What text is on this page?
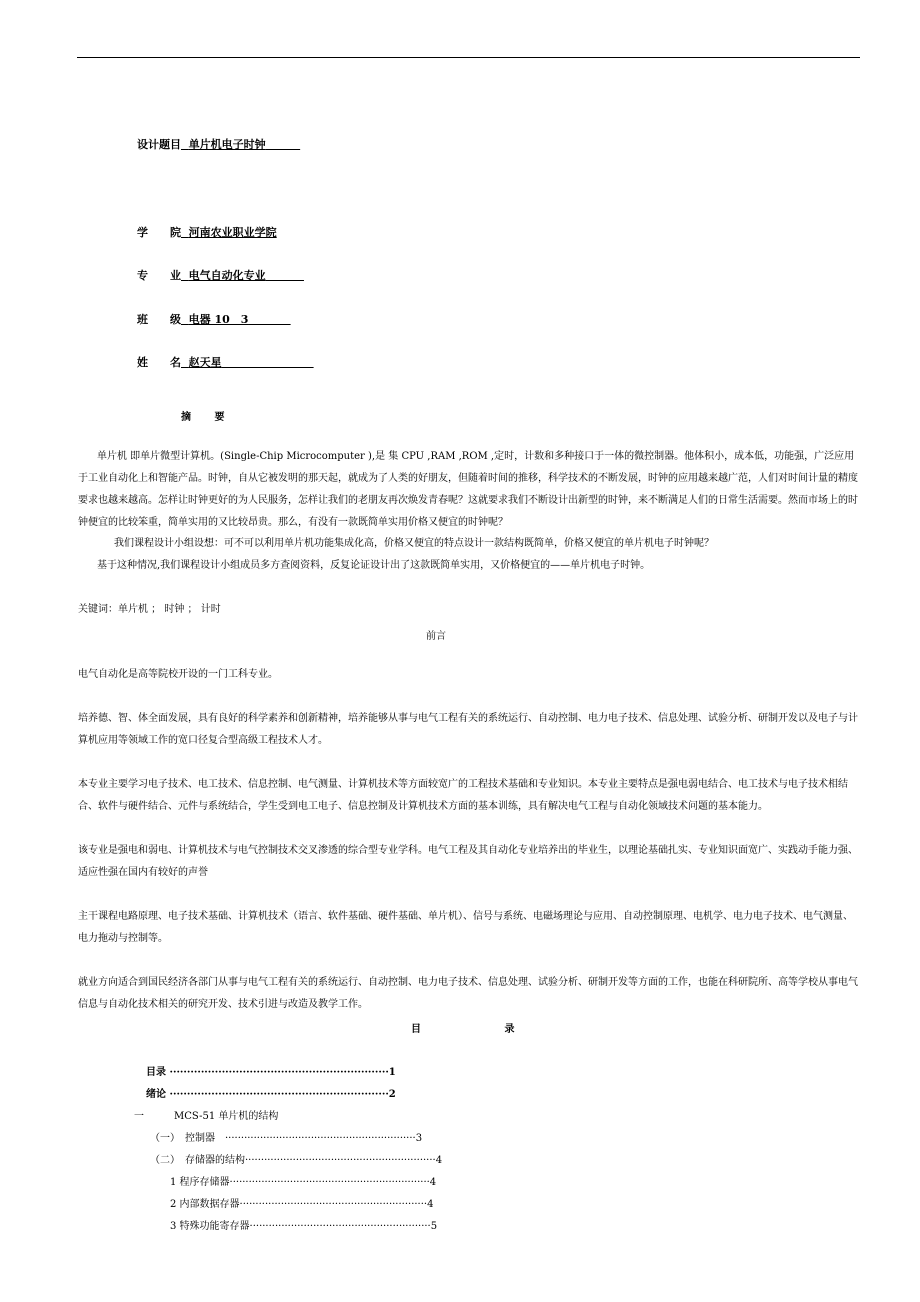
设计题目 单片机电子时钟
学　　院 河南农业职业学院
专　　业 电气自动化专业
班　　级 电器 10　3
姓　　名 赵天星
摘 要
单片机 即单片微型计算机。(Single-Chip Microcomputer ),是 集 CPU ,RAM ,ROM ,定时，计数和多种接口于一体的微控制器。他体积小，成本低，功能强，广泛应用于工业自动化上和智能产品。时钟，自从它被发明的那天起，就成为了人类的好朋友，但随着时间的推移，科学技术的不断发展，时钟的应用越来越广范，人们对时间计量的精度要求也越来越高。怎样让时钟更好的为人民服务，怎样让我们的老朋友再次焕发青春呢？这就要求我们不断设计出新型的时钟，来不断满足人们的日常生活需要。然而市场上的时钟便宜的比较笨重，简单实用的又比较昂贵。那么，有没有一款既简单实用价格又便宜的时钟呢？
我们课程设计小组设想：可不可以利用单片机功能集成化高，价格又便宜的特点设计一款结构既简单，价格又便宜的单片机电子时钟呢？
基于这种情况,我们课程设计小组成员多方查阅资料，反复论证设计出了这款既简单实用，又价格便宜的——单片机电子时钟。
关键词：单片机 ； 时钟 ； 计时
前言
电气自动化是高等院校开设的一门工科专业。
培养德、智、体全面发展，具有良好的科学素养和创新精神，培养能够从事与电气工程有关的系统运行、自动控制、电力电子技术、信息处理、试验分析、研制开发以及电子与计算机应用等领域工作的宽口径复合型高级工程技术人才。
本专业主要学习电子技术、电工技术、信息控制、电气测量、计算机技术等方面较宽广的工程技术基础和专业知识。本专业主要特点是强电弱电结合、电工技术与电子技术相结合、软件与硬件结合、元件与系统结合，学生受到电工电子、信息控制及计算机技术方面的基本训练，具有解决电气工程与自动化领域技术问题的基本能力。
该专业是强电和弱电、计算机技术与电气控制技术交叉渗透的综合型专业学科。电气工程及其自动化专业培养出的毕业生，以理论基础扎实、专业知识面宽广、实践动手能力强、适应性强在国内有较好的声誉
主干课程电路原理、电子技术基础、计算机技术（语言、软件基础、硬件基础、单片机）、信号与系统、电磁场理论与应用、自动控制原理、电机学、电力电子技术、电气测量、电力拖动与控制等。
就业方向适合到国民经济各部门从事与电气工程有关的系统运行、自动控制、电力电子技术、信息处理、试验分析、研制开发等方面的工作，也能在科研院所、高等学校从事电气信息与自动化技术相关的研究开发、技术引进与改造及教学工作。
目 录
目录 ·······························································1
绪论 ·······························································2
一　　　MCS-51 单片机的结构
（一）　控制器　····························································3
（二）　存储器的结构····························································4
1 程序存储器·······························································4
2 内部数据存器···························································4
3 特殊功能寄存器·························································5
